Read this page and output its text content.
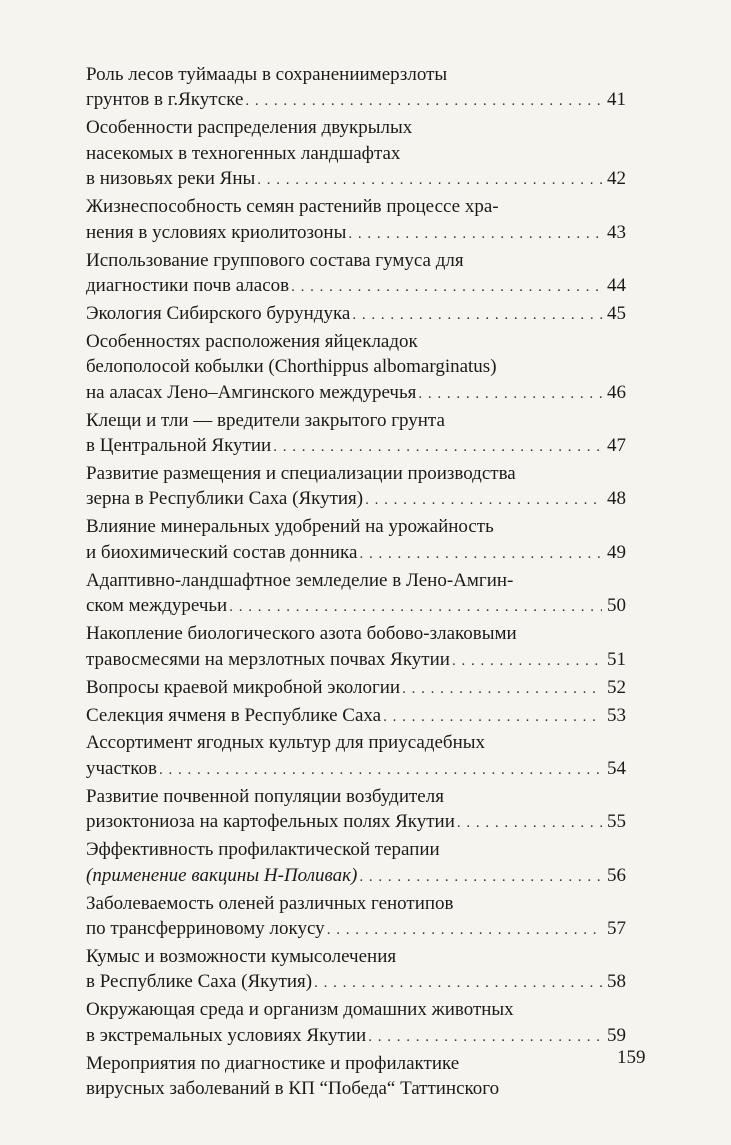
Роль лесов туймаады в сохранениимерзлоты
грунтов в г.Якутске . . .	41
Особенности распределения двукрылых
насекомых в техногенных ландшафтах
в низовьях реки Яны . . .	42
Жизнеспособность семян растенийв процессе хра-
нения в условиях криолитозоны . . .	43
Использование группового состава гумуса для
диагностики почв аласов . . .	44
Экология Сибирского бурундука . . .	45
Особенностях расположения яйцекладок
белополосой кобылки (Chorthippus albomarginatus)
на аласах Лено–Амгинского междуречья . . .	46
Клещи и тли — вредители закрытого грунта
в Центральной Якутии . . .	47
Развитие размещения и специализации производства
зерна в Республики Саха (Якутия) . . .	48
Влияние минеральных удобрений на урожайность
и биохимический состав донника . . .	49
Адаптивно-ландшафтное земледелие в Лено-Амгин-
ском междуречьи . . .	50
Накопление биологического азота бобово-злаковыми
травосмесями на мерзлотных почвах Якутии . . .	51
Вопросы краевой микробной экологии . . .	52
Селекция ячменя в Республике Саха . . .	53
Ассортимент ягодных культур для приусадебных
участков . . .	54
Развитие почвенной популяции возбудителя
ризоктониоза на картофельных полях Якутии . . .	55
Эффективность профилактической терапии
(применение вакцины Н-Поливак) . . .	56
Заболеваемость оленей различных генотипов
по трансферриновому локусу . . .	57
Кумыс и возможности кумысолечения
в Республике Саха (Якутия) . . .	58
Окружающая среда и организм домашних животных
в экстремальных условиях Якутии . . .	59
Мероприятия по диагностике и профилактике
вирусных заболеваний в КП “Победа“ Таттинского
159
